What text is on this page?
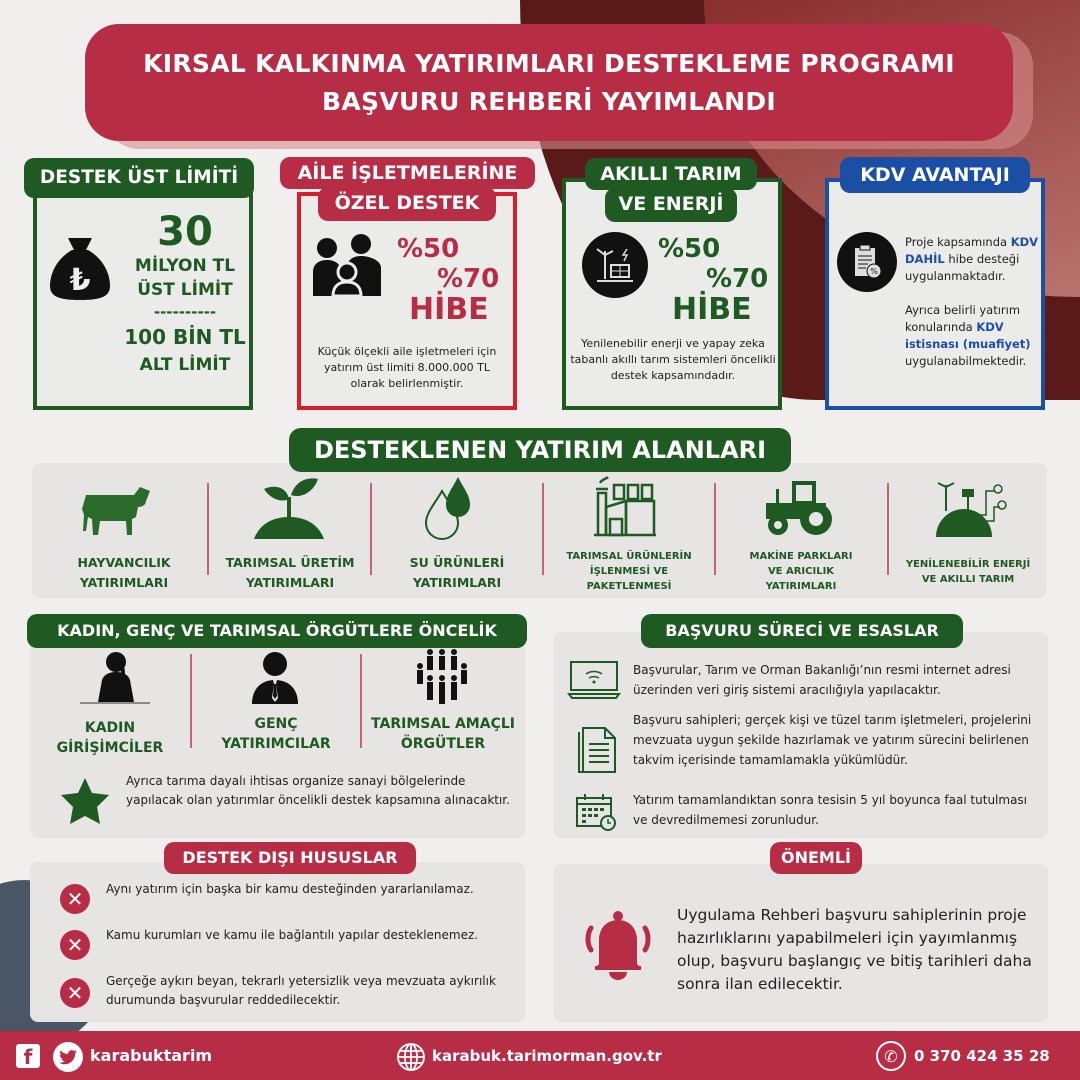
KIRSAL KALKINMA YATIRIMLARI DESTEKLEME PROGRAMI
BAŞVURU REHBERİ YAYIMLANDI
₺
30
MİLYON TL
ÜST LİMİT
----------
100 BİN TL
ALT LİMİT
DESTEK ÜST LİMİTİ
%50
%70
HİBE
Küçük ölçekli aile işletmeleri için yatırım üst limiti 8.000.000 TL olarak belirlenmiştir.
AİLE İŞLETMELERİNE
ÖZEL DESTEK
%50
%70
HİBE
Yenilenebilir enerji ve yapay zeka tabanlı akıllı tarım sistemleri öncelikli destek kapsamındadır.
AKILLI TARIM
VE ENERJİ
%
Proje kapsamında KDV DAHİL hibe desteği uygulanmaktadır.
Ayrıca belirli yatırım konularında KDV istisnası (muafiyet) uygulanabilmektedir.
KDV AVANTAJI
HAYVANCILIK
YATIRIMLARI
TARIMSAL ÜRETİM
YATIRIMLARI
SU ÜRÜNLERİ
YATIRIMLARI
TARIMSAL ÜRÜNLERİN
İŞLENMESİ VE
PAKETLENMESİ
MAKİNE PARKLARI
VE ARICILIK
YATIRIMLARI
YENİLENEBİLİR ENERJİ
VE AKILLI TARIM
DESTEKLENEN YATIRIM ALANLARI
KADIN
GİRİŞİMCİLER
GENÇ
YATIRIMCILAR
TARIMSAL AMAÇLI
ÖRGÜTLER
Ayrıca tarıma dayalı ihtisas organize sanayi bölgelerinde yapılacak olan yatırımlar öncelikli destek kapsamına alınacaktır.
KADIN, GENÇ VE TARIMSAL ÖRGÜTLERE ÖNCELİK
Başvurular, Tarım ve Orman Bakanlığı’nın resmi internet adresi üzerinden veri giriş sistemi aracılığıyla yapılacaktır.
Başvuru sahipleri; gerçek kişi ve tüzel tarım işletmeleri, projelerini mevzuata uygun şekilde hazırlamak ve yatırım sürecini belirlenen takvim içerisinde tamamlamakla yükümlüdür.
Yatırım tamamlandıktan sonra tesisin 5 yıl boyunca faal tutulması ve devredilmemesi zorunludur.
BAŞVURU SÜRECİ VE ESASLAR
✕	Aynı yatırım için başka bir kamu desteğinden yararlanılamaz.
✕	Kamu kurumları ve kamu ile bağlantılı yapılar desteklenemez.
✕	Gerçeğe aykırı beyan, tekrarlı yetersizlik veya mevzuata aykırılık durumunda başvurular reddedilecektir.
DESTEK DIŞI HUSUSLAR
Uygulama Rehberi başvuru sahiplerinin proje hazırlıklarını yapabilmeleri için yayımlanmış olup, başvuru başlangıç ve bitiş tarihleri daha sonra ilan edilecektir.
ÖNEMLİ
f	karabuktarim	karabuk.tarimorman.gov.tr	✆	0 370 424 35 28
